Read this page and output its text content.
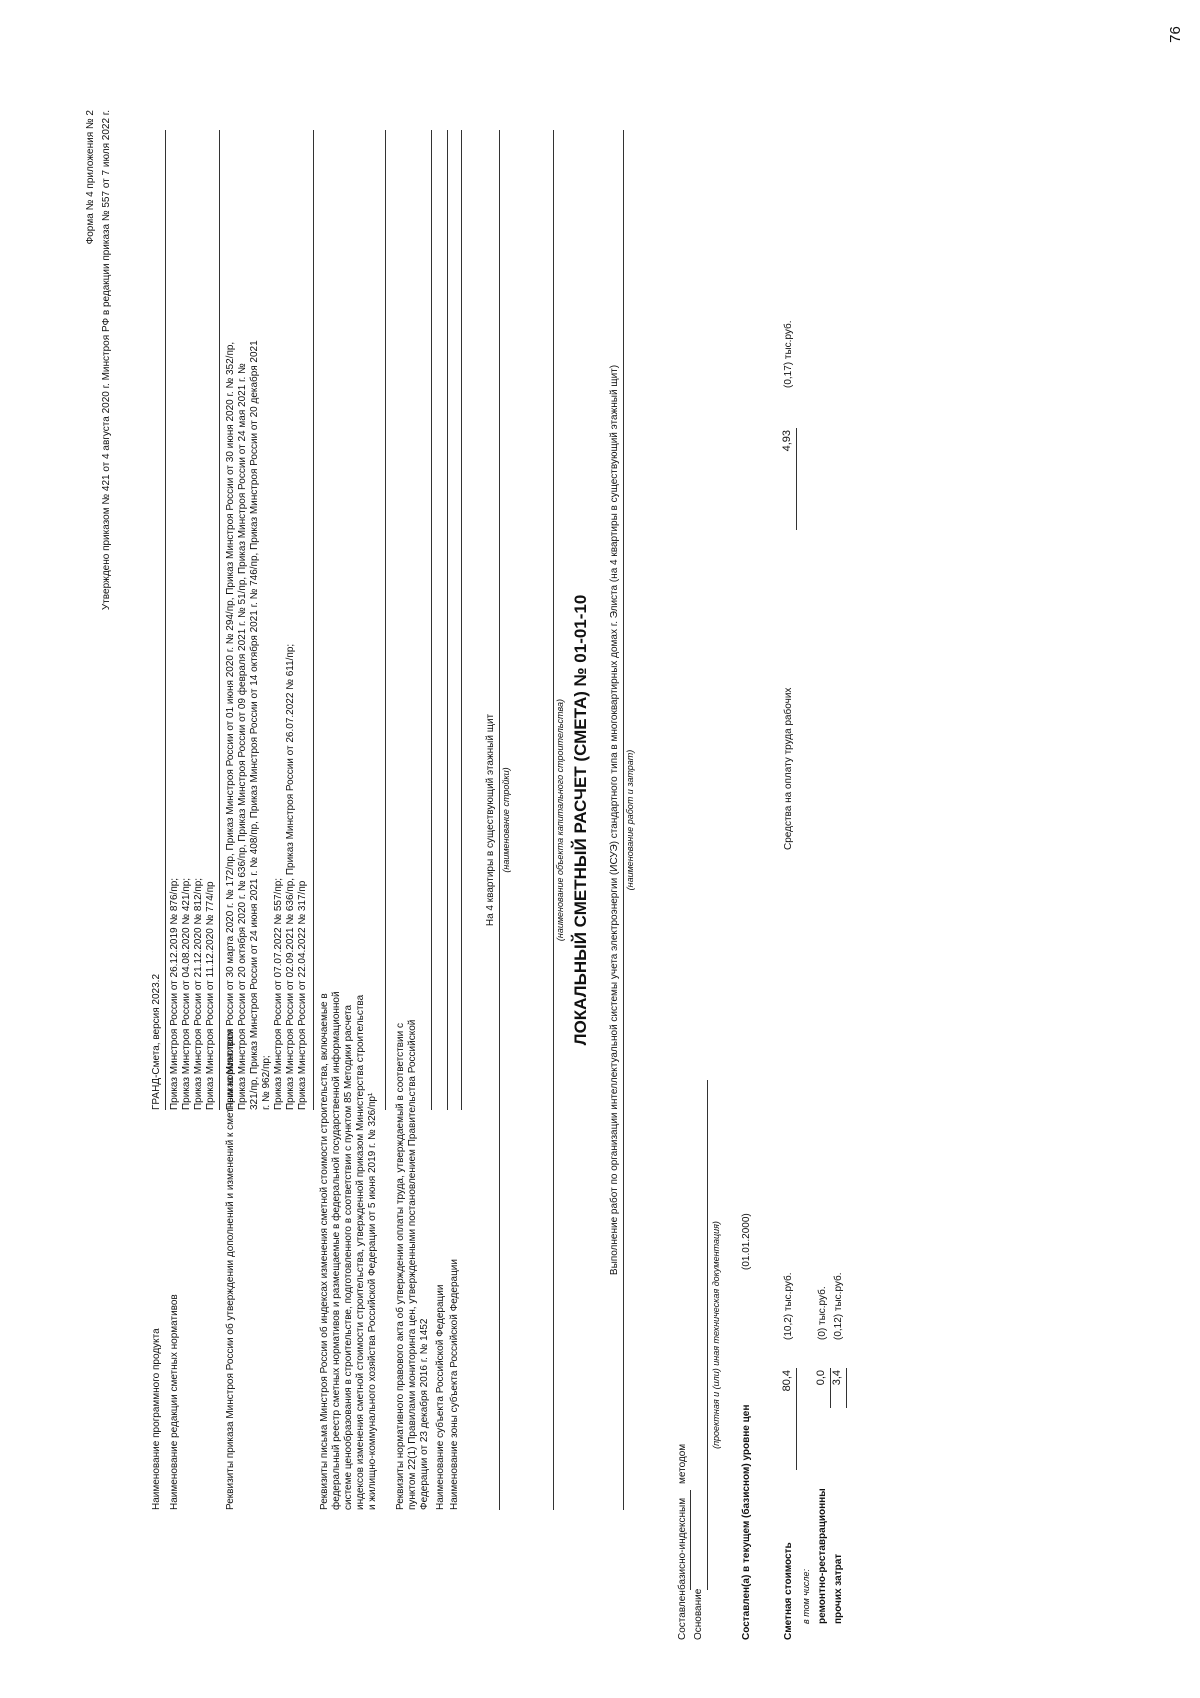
76
Форма № 4 приложения № 2 Утверждено приказом № 421 от 4 августа 2020 г. Минстроя РФ в редакции приказа № 557 от 7 июля 2022 г.
Наименование программного продукта
ГРАНД-Смета, версия 2023.2
Наименование редакции сметных нормативов
Приказ Минстроя России от 26.12.2019 № 876/пр; Приказ Минстроя России от 04.08.2020 № 421/пр; Приказ Минстроя России от 21.12.2020 № 812/пр; Приказ Минстроя России от 11.12.2020 № 774/пр
Реквизиты приказа Минстроя России об утверждении дополнений и изменений к сметным нормативам
Приказ Минстроя России от 30 марта 2020 г. № 172/пр, Приказ Минстроя России от 01 июня 2020 г. № 294/пр, Приказ Минстроя России от 30 июня 2020 г. № 352/пр, Приказ Минстроя России от 20 октября 2020 г. № 636/пр, Приказ Минстроя России от 09 февраля 2021 г. № 51/пр, Приказ Минстроя России от 24 мая 2021 г. № 321/пр, Приказ Минстроя России от 24 июня 2021 г. № 408/пр, Приказ Минстроя России от 14 октября 2021 г. № 746/пр, Приказ Минстроя России от 20 декабря 2021 г. № 962/пр; Приказ Минстроя России от 07.07.2022 № 557/пр; Приказ Минстроя России от 02.09.2021 № 636/пр, Приказ Минстроя России от 26.07.2022 № 611/пр; Приказ Минстроя России от 22.04.2022 № 317/пр Реквизиты письма Минстроя России об индексах изменения сметной стоимости строительства, включаемые в федеральный реестр сметных нормативов и размещаемые в федеральной государственной информационной системе ценообразования в строительстве, подготовленного в соответствии с пунктом 85 Методики расчета индексов изменения сметной стоимости строительства, утвержденной приказом Министерства строительства и жилищно-коммунального хозяйства Российской Федерации от 5 июня 2019 г. № 326/пр¹ Реквизиты нормативного правового акта об утверждении оплаты труда, утверждаемый в соответствии с пунктом 22(1) Правилами мониторинга цен, утвержденными постановлением Правительства Российской Федерации от 23 декабря 2016 г. № 1452 Наименование субъекта Российской Федерации Наименование зоны субъекта Российской Федерации
На 4 квартиры в существующий этажный щит (наименование стройки)	(наименование объекта капитального строительства) ЛОКАЛЬНЫЙ СМЕТНЫЙ РАСЧЕТ (СМЕТА) № 01-01-10 Выполнение работ по организации интеллектуальной системы учета электроэнергии (ИСУЭ) стандартного типа в многоквартирных домах г. Элиста (на 4 квартиры в существующий этажный щит) (наименование работ и затрат)
Составлен
базисно-индексным
методом
Основание
(проектная и (или) иная техническая документация)
Составлен(а) в текущем (базисном) уровне цен
(01.01.2000)
Сметная стоимость
80,4
(10,2) тыс.руб.
в том числе: ремонтно-реставрационны
0,0
(0) тыс.руб.
прочих затрат
3,4
(0,12) тыс.руб.
Средства на оплату труда рабочих
4,93
(0,17) тыс.руб.
